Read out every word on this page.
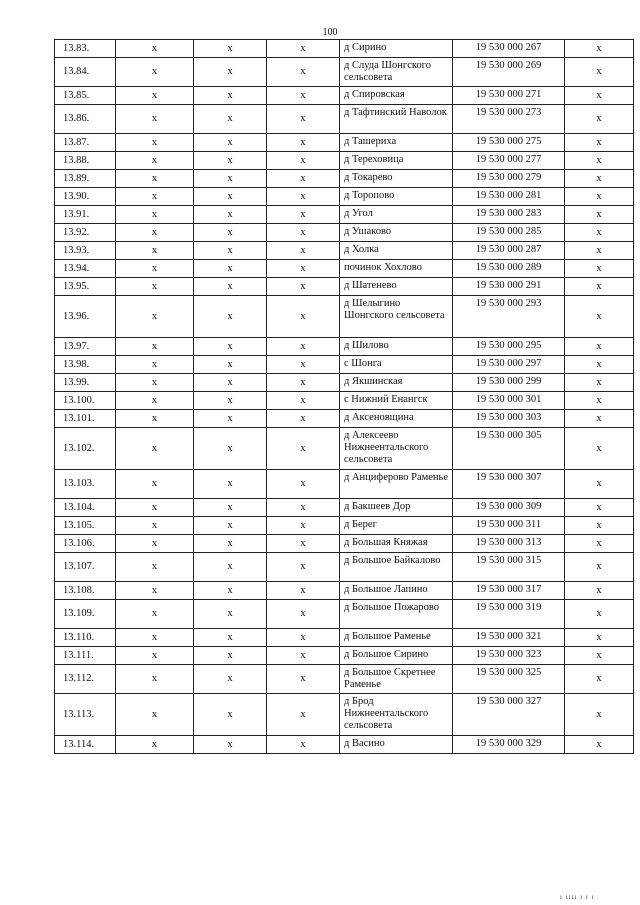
100
13.83.	x	x	x	д Сирино	19 530 000 267	x
13.84.	x	x	x	д Слуда Шонгского сельсовета	19 530 000 269	x
13.85.	x	x	x	д Спировская	19 530 000 271	x
13.86.	x	x	x	д Тафтинский Наволок	19 530 000 273	x
13.87.	x	x	x	д Ташериха	19 530 000 275	x
13.88.	x	x	x	д Тереховица	19 530 000 277	x
13.89.	x	x	x	д Токарево	19 530 000 279	x
13.90.	x	x	x	д Торопово	19 530 000 281	x
13.91.	x	x	x	д Угол	19 530 000 283	x
13.92.	x	x	x	д Ушаково	19 530 000 285	x
13.93.	x	x	x	д Холка	19 530 000 287	x
13.94.	x	x	x	починок Хохлово	19 530 000 289	x
13.95.	x	x	x	д Шатенево	19 530 000 291	x
13.96.	x	x	x	д Шелыгино Шонгского сельсовета	19 530 000 293	x
13.97.	x	x	x	д Шилово	19 530 000 295	x
13.98.	x	x	x	с Шонга	19 530 000 297	x
13.99.	x	x	x	д Якшинская	19 530 000 299	x
13.100.	x	x	x	с Нижний Енангск	19 530 000 301	x
13.101.	x	x	x	д Аксеновщина	19 530 000 303	x
13.102.	x	x	x	д Алексеево Нижнеентальского сельсовета	19 530 000 305	x
13.103.	x	x	x	д Анциферово Раменье	19 530 000 307	x
13.104.	x	x	x	д Бакшеев Дор	19 530 000 309	x
13.105.	x	x	x	д Берег	19 530 000 311	x
13.106.	x	x	x	д Большая Княжая	19 530 000 313	x
13.107.	x	x	x	д Большое Байкалово	19 530 000 315	x
13.108.	x	x	x	д Большое Лапино	19 530 000 317	x
13.109.	x	x	x	д Большое Пожарово	19 530 000 319	x
13.110.	x	x	x	д Большое Раменье	19 530 000 321	x
13.111.	x	x	x	д Большое Сирино	19 530 000 323	x
13.112.	x	x	x	д Большое Скретнее Раменье	19 530 000 325	x
13.113.	x	x	x	д Брод Нижнеентальского сельсовета	19 530 000 327	x
13.114.	x	x	x	д Васино	19 530 000 329	x
ı ıııı ı ı ı
